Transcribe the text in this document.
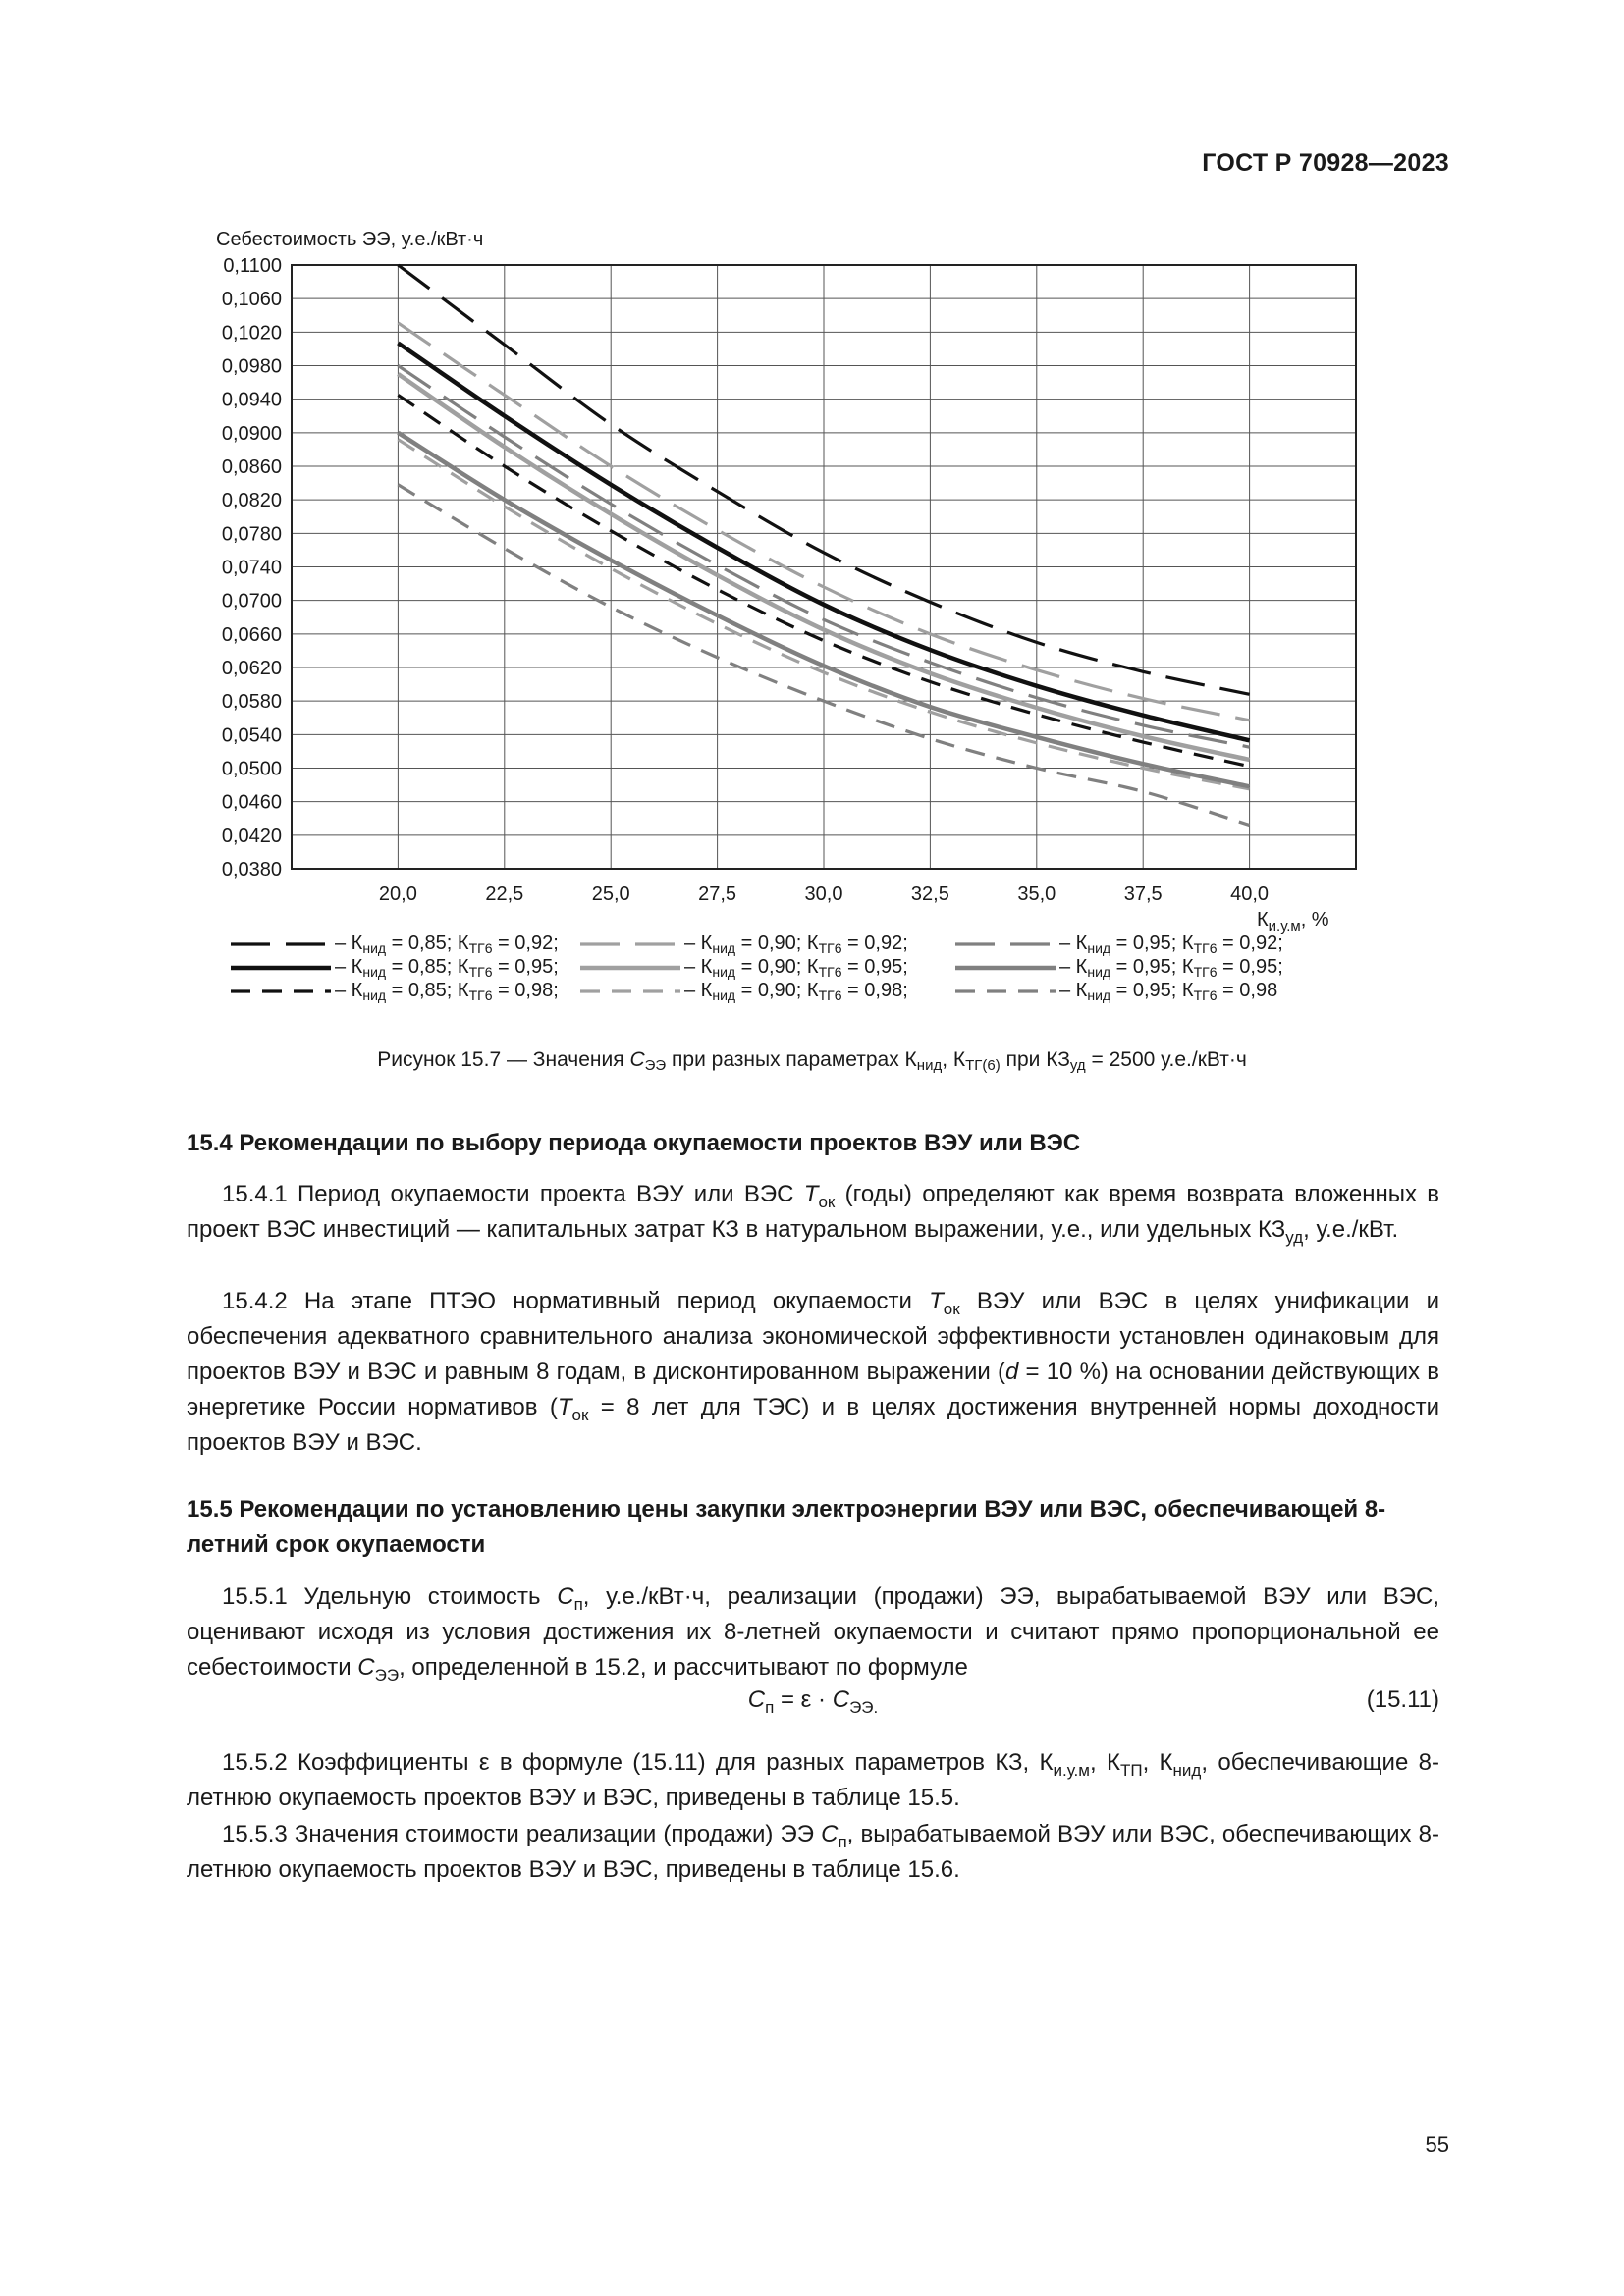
ГОСТ Р 70928—2023
0,1100
0,1060
0,1020
0,0980
0,0940
0,0900
0,0860
0,0820
0,0780
0,0740
0,0700
0,0660
0,0620
0,0580
0,0540
0,0500
0,0460
0,0420
0,0380
20,0	22,5	25,0	27,5	30,0	32,5	35,0	37,5	40,0
Себестоимость ЭЭ, у.е./кВт·ч
$К_{и.у.м}$, %
– $К_{нид} = 0,85$; $К_{ТГ6} = 0,92$;	– $К_{нид} = 0,90$; $К_{ТГ6} = 0,92$;	– $К_{нид} = 0,95$; $К_{ТГ6} = 0,92$;
– $К_{нид} = 0,85$; $К_{ТГ6} = 0,95$;	– $К_{нид} = 0,90$; $К_{ТГ6} = 0,95$;	– $К_{нид} = 0,95$; $К_{ТГ6} = 0,95$;
– $К_{нид} = 0,85$; $К_{ТГ6} = 0,98$;	– $К_{нид} = 0,90$; $К_{ТГ6} = 0,98$;	– $К_{нид} = 0,95$; $К_{ТГ6} = 0,98$
Рисунок 15.7 — Значения $C_{ЭЭ}$ при разных параметрах $К_{нид}$, $К_{ТГ(6)}$ при $КЗ_{уд} = 2500$ у.е./кВт·ч
15.4 Рекомендации по выбору периода окупаемости проектов ВЭУ или ВЭС
15.4.1 Период окупаемости проекта ВЭУ или ВЭС $T_{ок}$ (годы) определяют как время возврата вложенных в проект ВЭС инвестиций — капитальных затрат КЗ в натуральном выражении, у.е., или удельных $КЗ_{уд}$, у.е./кВт.
15.4.2 На этапе ПТЭО нормативный период окупаемости $T_{ок}$ ВЭУ или ВЭС в целях унификации и обеспечения адекватного сравнительного анализа экономической эффективности установлен одинаковым для проектов ВЭУ и ВЭС и равным 8 годам, в дисконтированном выражении (d = 10 %) на основании действующих в энергетике России нормативов ($T_{ок} = 8$ лет для ТЭС) и в целях достижения внутренней нормы доходности проектов ВЭУ и ВЭС.
15.5 Рекомендации по установлению цены закупки электроэнергии ВЭУ или ВЭС, обеспечивающей 8-летний срок окупаемости
15.5.1 Удельную стоимость $C_п$, у.е./кВт·ч, реализации (продажи) ЭЭ, вырабатываемой ВЭУ или ВЭС, оценивают исходя из условия достижения их 8-летней окупаемости и считают прямо пропорциональной ее себестоимости $C_{ЭЭ}$, определенной в 15.2, и рассчитывают по формуле
$C_п = \varepsilon \cdot C_{ЭЭ.}$	(15.11)
15.5.2 Коэффициенты ε в формуле (15.11) для разных параметров КЗ, $К_{и.у.м}$, $К_{ТП}$, $К_{нид}$, обеспечивающие 8-летнюю окупаемость проектов ВЭУ и ВЭС, приведены в таблице 15.5.
15.5.3 Значения стоимости реализации (продажи) ЭЭ $C_п$, вырабатываемой ВЭУ или ВЭС, обеспечивающих 8-летнюю окупаемость проектов ВЭУ и ВЭС, приведены в таблице 15.6.
55
